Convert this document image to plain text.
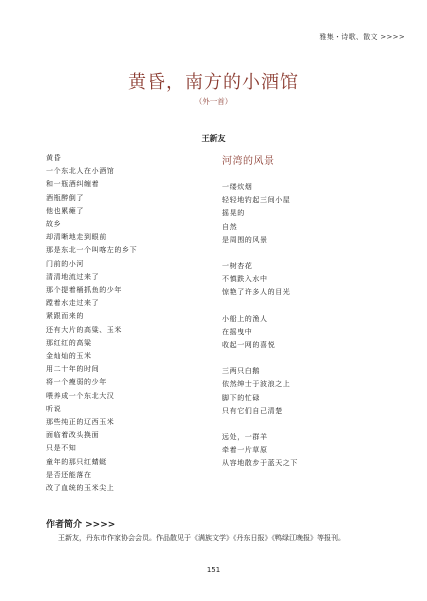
雅集・诗歌、散文 >>>>
黄昏，南方的小酒馆
（外一首）
王新友
黄昏
一个东北人在小酒馆
和一瓶酒纠缠着
酒瓶醉倒了
他也累瘫了
故乡
却清晰地走到眼前
那是东北一个叫喀左的乡下
门前的小河
清清地流过来了
那个提着桶抓鱼的少年
蹚着水走过来了
紧跟而来的
还有大片的高粱、玉米
那红红的高粱
金灿灿的玉米
用二十年的时间
将一个瘦弱的少年
喂养成一个东北大汉
听说
那些纯正的辽西玉米
面临着改头换面
只是不知
童年的那只红蜻蜓
是否还能落在
改了血统的玉米尖上
河湾的风景
一缕炊烟
轻轻地钓起三间小屋
摇晃的
自然
是周围的风景
一树杏花
不慎跌入水中
惊艳了许多人的目光
小船上的渔人
在摇曳中
收起一网的喜悦
三两只白鹅
依然绅士于波浪之上
脚下的忙碌
只有它们自己清楚
远处，一群羊
牵着一片草原
从容地散步于蓝天之下
作者简介 >>>>
王新友，丹东市作家协会会员。作品散见于《满族文学》《丹东日报》《鸭绿江晚报》等报刊。
151
